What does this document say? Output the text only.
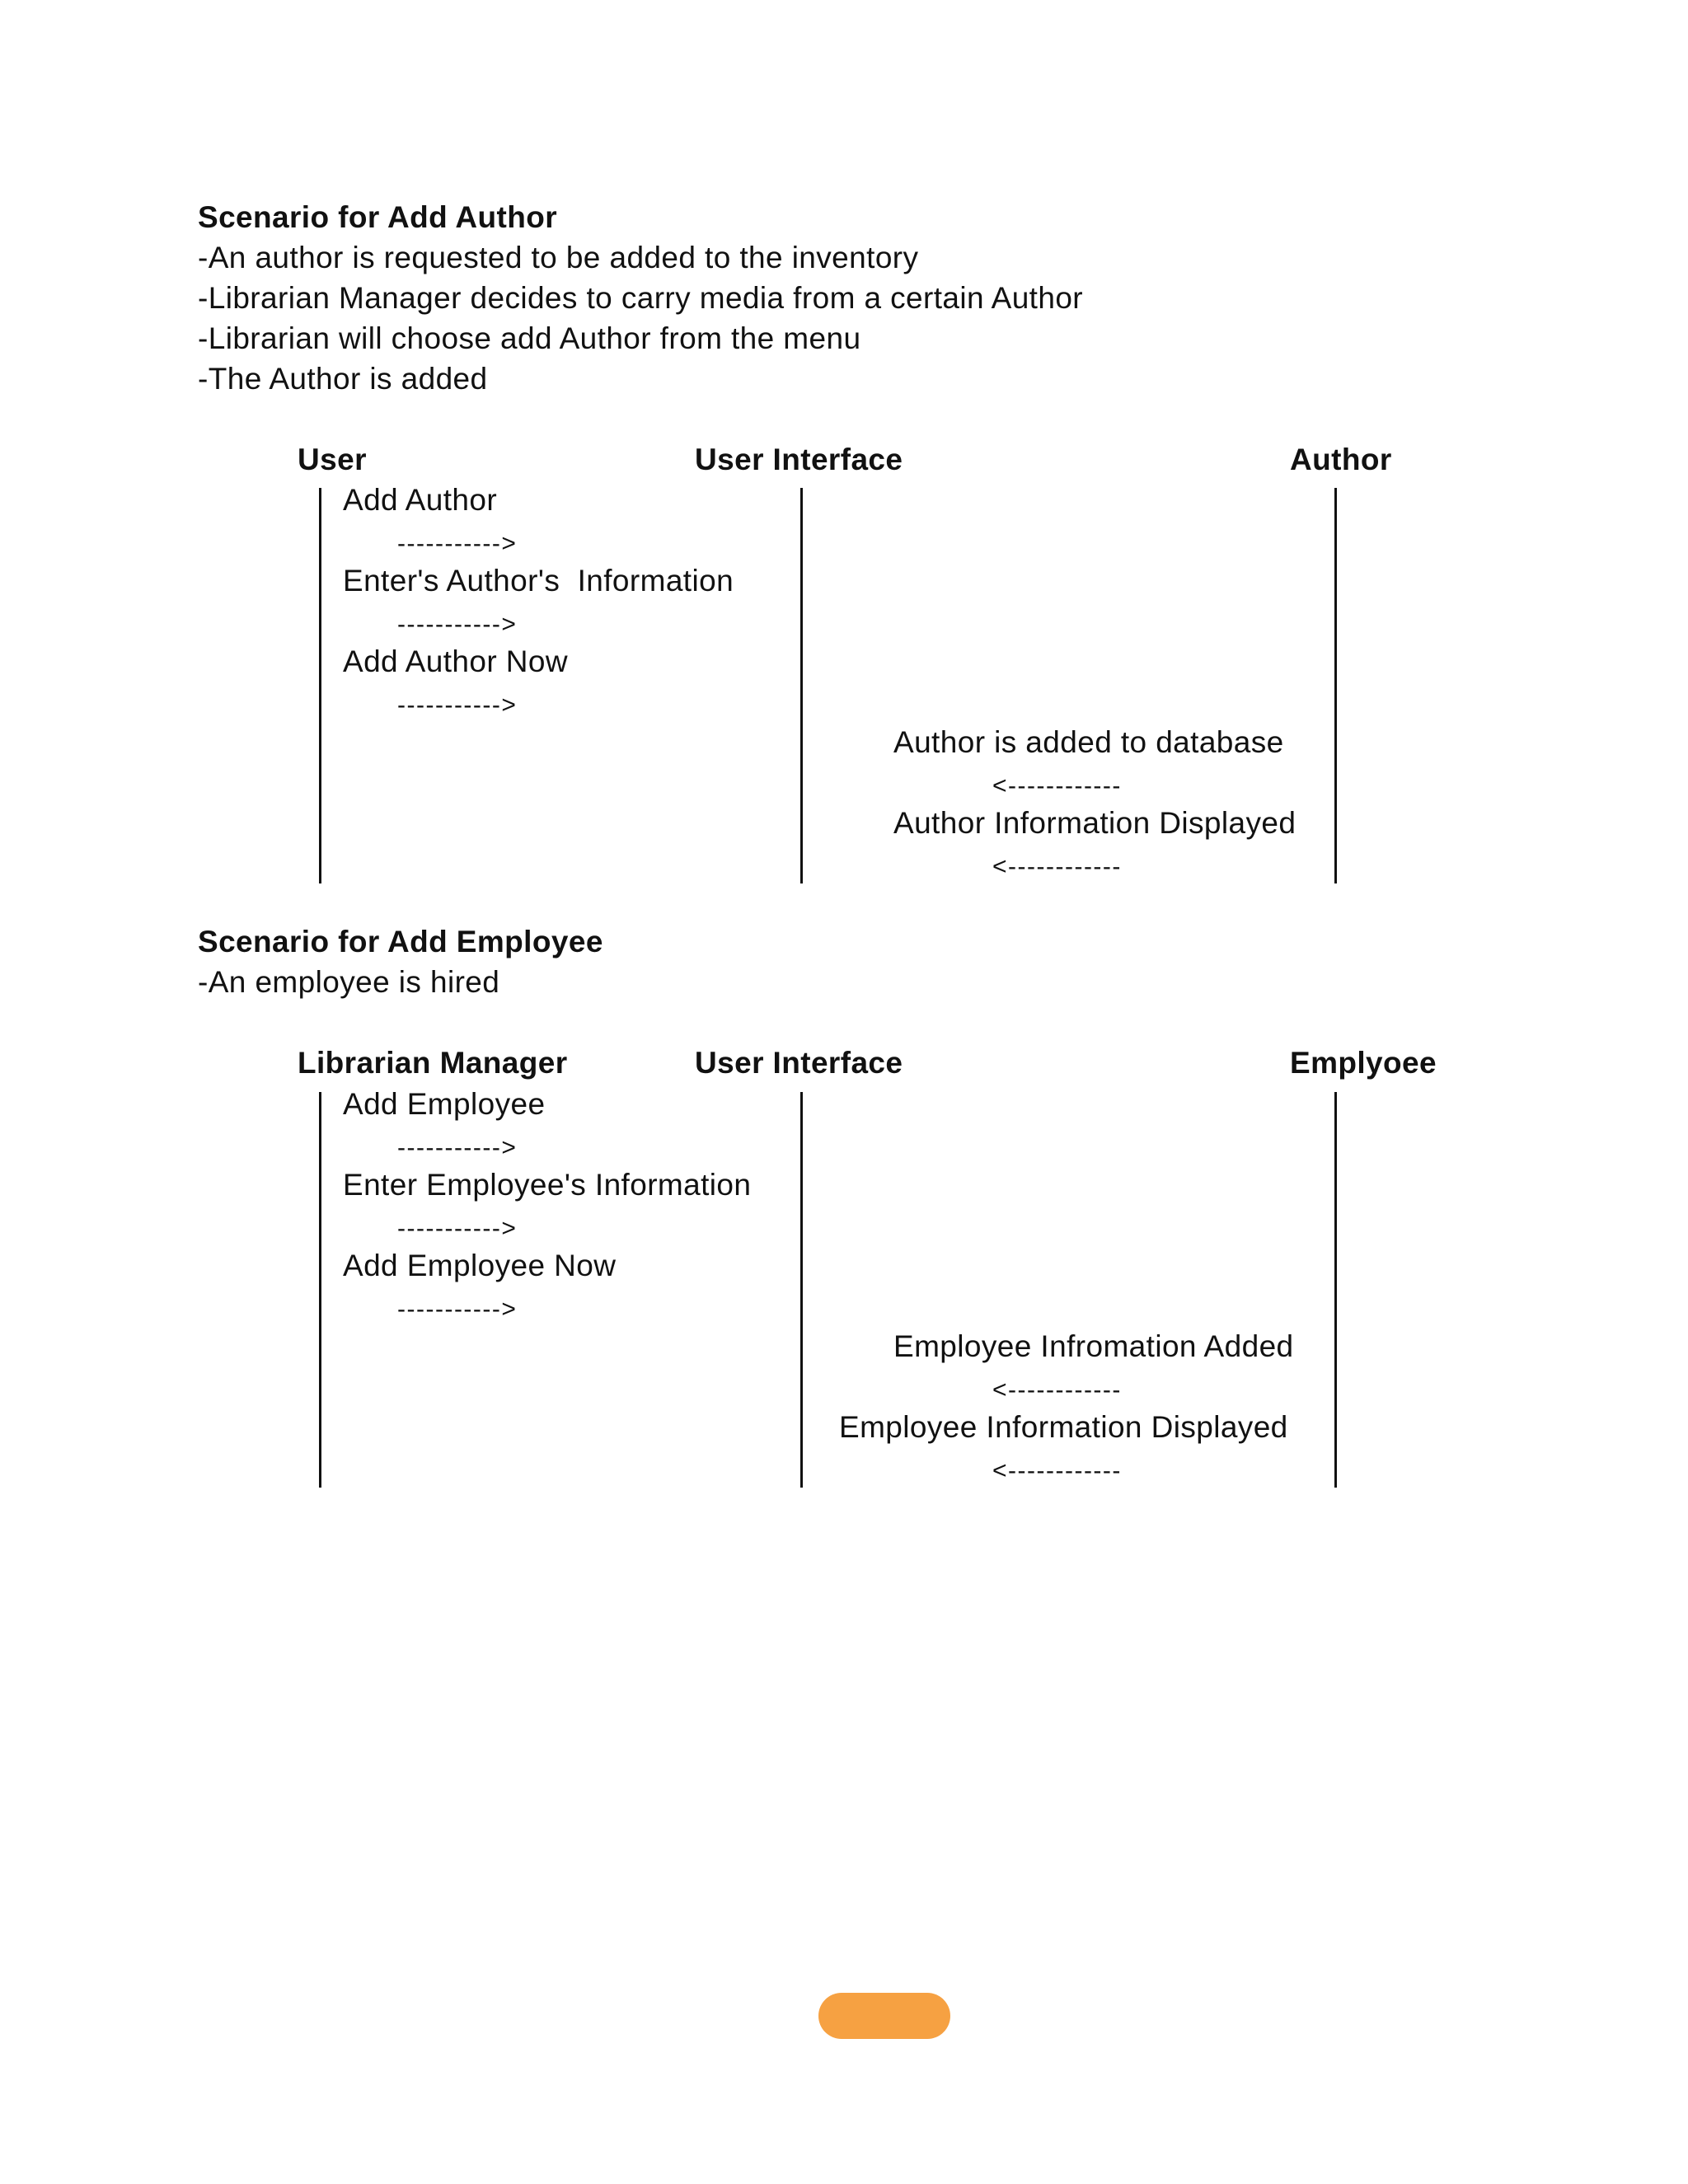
Scenario for Add Author
-An author is requested to be added to the inventory
-Librarian Manager decides to carry media from a certain Author
-Librarian will choose add Author from the menu
-The Author is added
User	User Interface	Author
Add Author
----------->
Enter's Author's  Information
----------->
Add Author Now
----------->
Author is added to database
<------------
Author Information Displayed
<------------
Scenario for Add Employee
-An employee is hired
Librarian Manager	User Interface	Emplyoee
Add Employee
----------->
Enter Employee's Information
----------->
Add Employee Now
----------->
Employee Infromation Added
<------------
Employee Information Displayed
<------------
